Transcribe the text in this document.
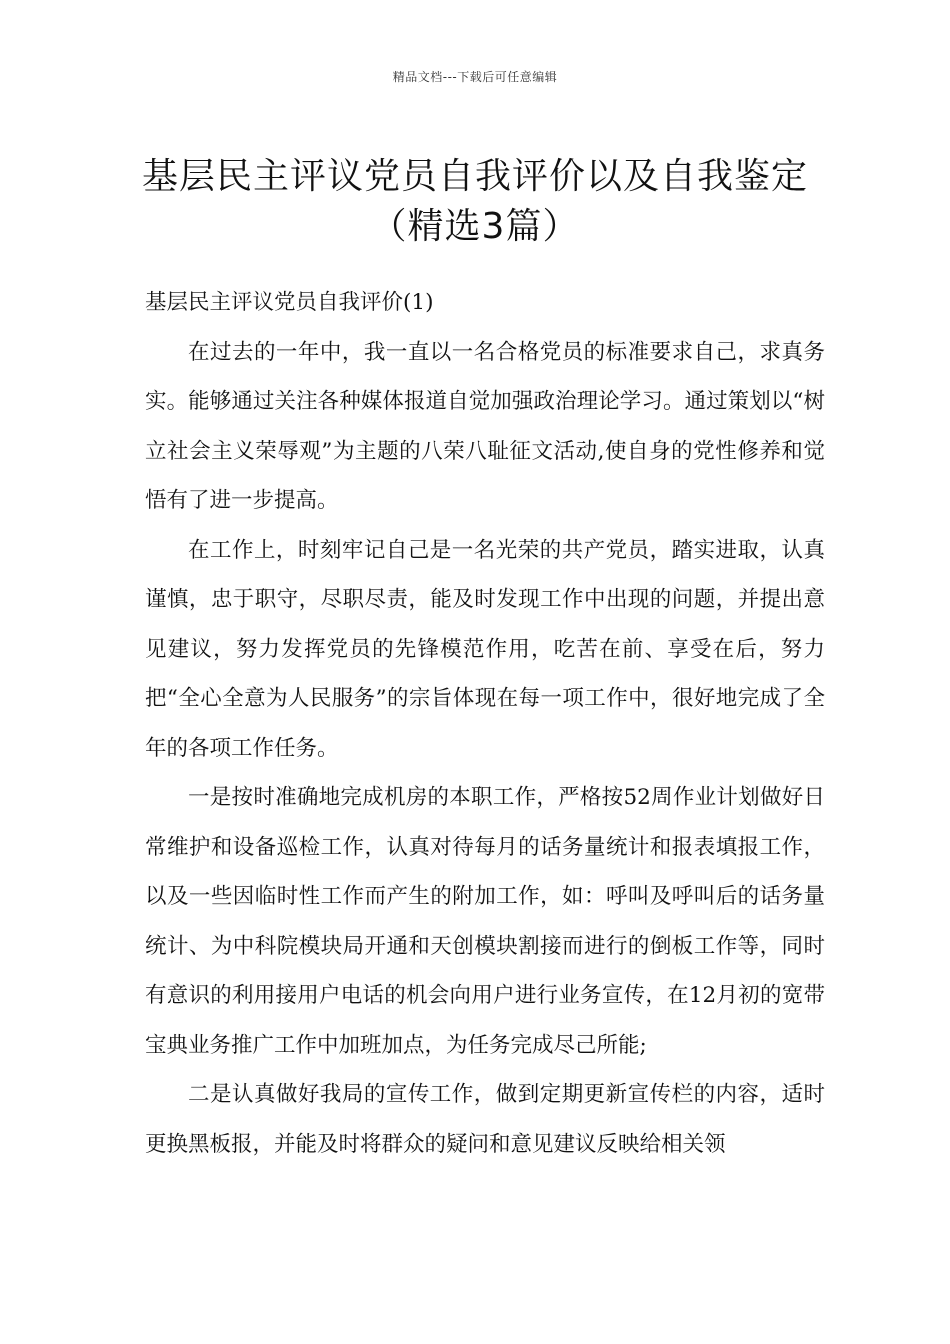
精品文档---下载后可任意编辑
基层民主评议党员自我评价以及自我鉴定（精选3篇）

基层民主评议党员自我评价(1)

在过去的一年中，我一直以一名合格党员的标准要求自己，求真务实。能够通过关注各种媒体报道自觉加强政治理论学习。通过策划以“树立社会主义荣辱观”为主题的八荣八耻征文活动,使自身的党性修养和觉悟有了进一步提高。

在工作上，时刻牢记自己是一名光荣的共产党员，踏实进取，认真谨慎，忠于职守，尽职尽责，能及时发现工作中出现的问题，并提出意见建议，努力发挥党员的先锋模范作用，吃苦在前、享受在后，努力把“全心全意为人民服务”的宗旨体现在每一项工作中，很好地完成了全年的各项工作任务。

一是按时准确地完成机房的本职工作，严格按52周作业计划做好日常维护和设备巡检工作，认真对待每月的话务量统计和报表填报工作，以及一些因临时性工作而产生的附加工作，如：呼叫及呼叫后的话务量统计、为中科院模块局开通和天创模块割接而进行的倒板工作等，同时有意识的利用接用户电话的机会向用户进行业务宣传，在12月初的宽带宝典业务推广工作中加班加点，为任务完成尽己所能;

二是认真做好我局的宣传工作，做到定期更新宣传栏的内容，适时更换黑板报，并能及时将群众的疑问和意见建议反映给相关领
